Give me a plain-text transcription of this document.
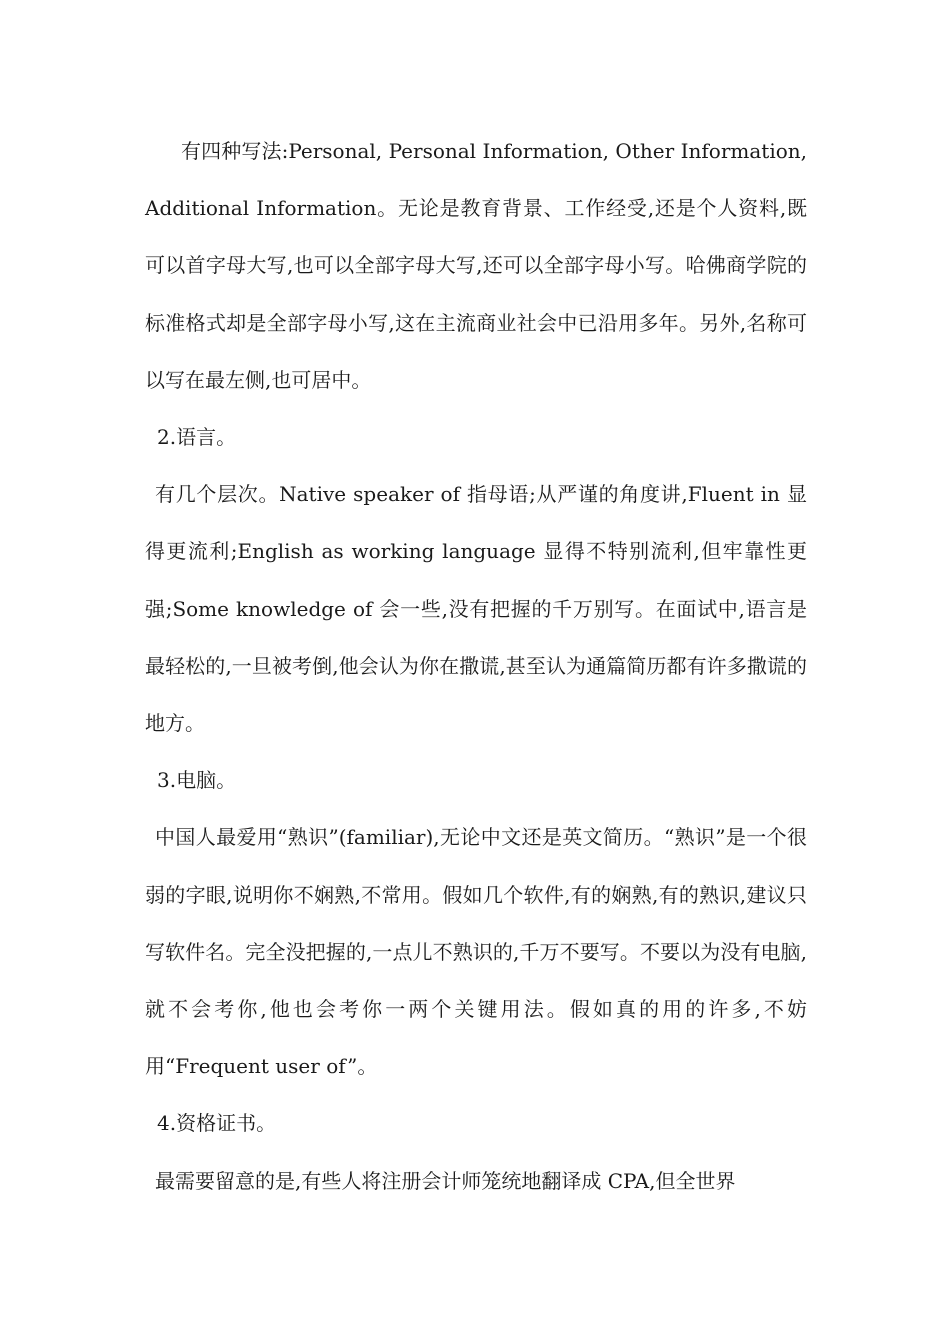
有四种写法:Personal, Personal Information, Other Information, Additional Information。无论是教育背景、工作经受,还是个人资料,既可以首字母大写,也可以全部字母大写,还可以全部字母小写。哈佛商学院的标准格式却是全部字母小写,这在主流商业社会中已沿用多年。另外,名称可以写在最左侧,也可居中。

2.语言。

有几个层次。Native speaker of 指母语;从严谨的角度讲,Fluent in 显得更流利;English as working language 显得不特别流利,但牢靠性更强;Some knowledge of 会一些,没有把握的千万别写。在面试中,语言是最轻松的,一旦被考倒,他会认为你在撒谎,甚至认为通篇简历都有许多撒谎的地方。

3.电脑。

中国人最爱用“熟识”(familiar),无论中文还是英文简历。“熟识”是一个很弱的字眼,说明你不娴熟,不常用。假如几个软件,有的娴熟,有的熟识,建议只写软件名。完全没把握的,一点儿不熟识的,千万不要写。不要以为没有电脑,就不会考你,他也会考你一两个关键用法。假如真的用的许多,不妨用“Frequent user of”。

4.资格证书。

最需要留意的是,有些人将注册会计师笼统地翻译成 CPA,但全世界
